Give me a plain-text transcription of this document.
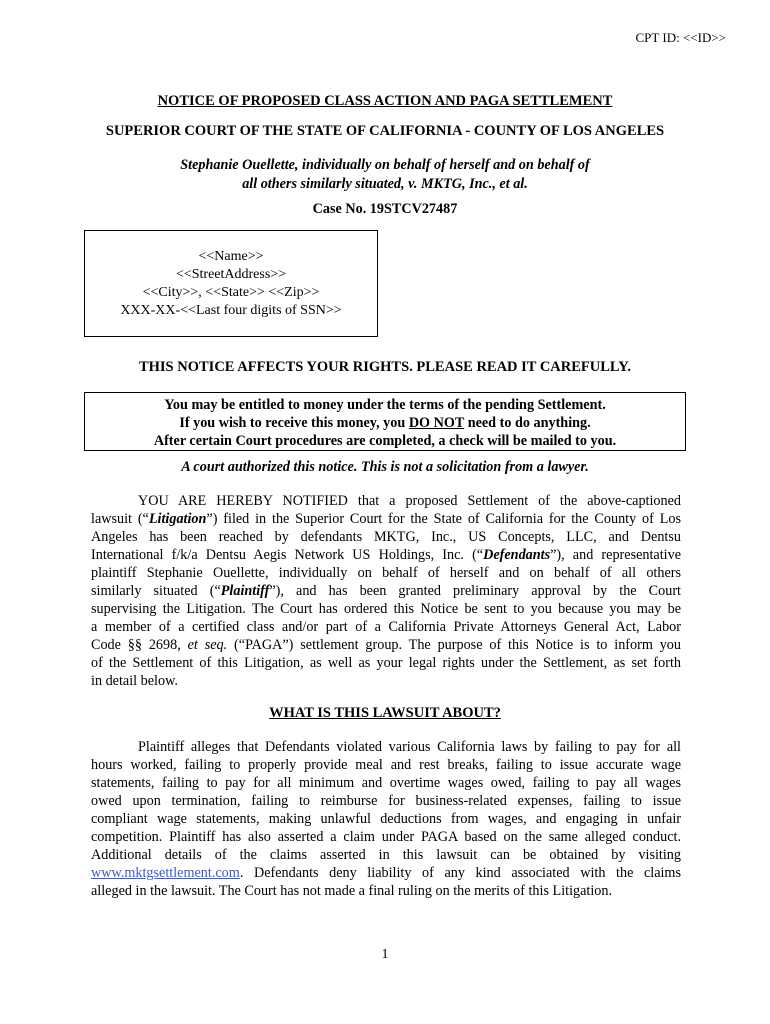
CPT ID: <<ID>>
NOTICE OF PROPOSED CLASS ACTION AND PAGA SETTLEMENT
SUPERIOR COURT OF THE STATE OF CALIFORNIA - COUNTY OF LOS ANGELES
Stephanie Ouellette, individually on behalf of herself and on behalf of
all others similarly situated, v. MKTG, Inc., et al.
Case No. 19STCV27487
<<Name>>
<<StreetAddress>>
<<City>>, <<State>> <<Zip>>
XXX-XX-<<Last four digits of SSN>>
THIS NOTICE AFFECTS YOUR RIGHTS. PLEASE READ IT CAREFULLY.
You may be entitled to money under the terms of the pending Settlement.
If you wish to receive this money, you DO NOT need to do anything.
After certain Court procedures are completed, a check will be mailed to you.
A court authorized this notice. This is not a solicitation from a lawyer.
YOU ARE HEREBY NOTIFIED that a proposed Settlement of the above-captioned
lawsuit (“Litigation”) filed in the Superior Court for the State of California for the County of Los
Angeles has been reached by defendants MKTG, Inc., US Concepts, LLC, and Dentsu
International f/k/a Dentsu Aegis Network US Holdings, Inc. (“Defendants”), and representative
plaintiff Stephanie Ouellette, individually on behalf of herself and on behalf of all others
similarly situated (“Plaintiff”), and has been granted preliminary approval by the Court
supervising the Litigation. The Court has ordered this Notice be sent to you because you may be
a member of a certified class and/or part of a California Private Attorneys General Act, Labor
Code §§ 2698, et seq. (“PAGA”) settlement group. The purpose of this Notice is to inform you
of the Settlement of this Litigation, as well as your legal rights under the Settlement, as set forth
in detail below.
WHAT IS THIS LAWSUIT ABOUT?
Plaintiff alleges that Defendants violated various California laws by failing to pay for all
hours worked, failing to properly provide meal and rest breaks, failing to issue accurate wage
statements, failing to pay for all minimum and overtime wages owed, failing to pay all wages
owed upon termination, failing to reimburse for business-related expenses, failing to issue
compliant wage statements, making unlawful deductions from wages, and engaging in unfair
competition. Plaintiff has also asserted a claim under PAGA based on the same alleged conduct.
Additional details of the claims asserted in this lawsuit can be obtained by visiting
www.mktgsettlement.com. Defendants deny liability of any kind associated with the claims
alleged in the lawsuit. The Court has not made a final ruling on the merits of this Litigation.
1
